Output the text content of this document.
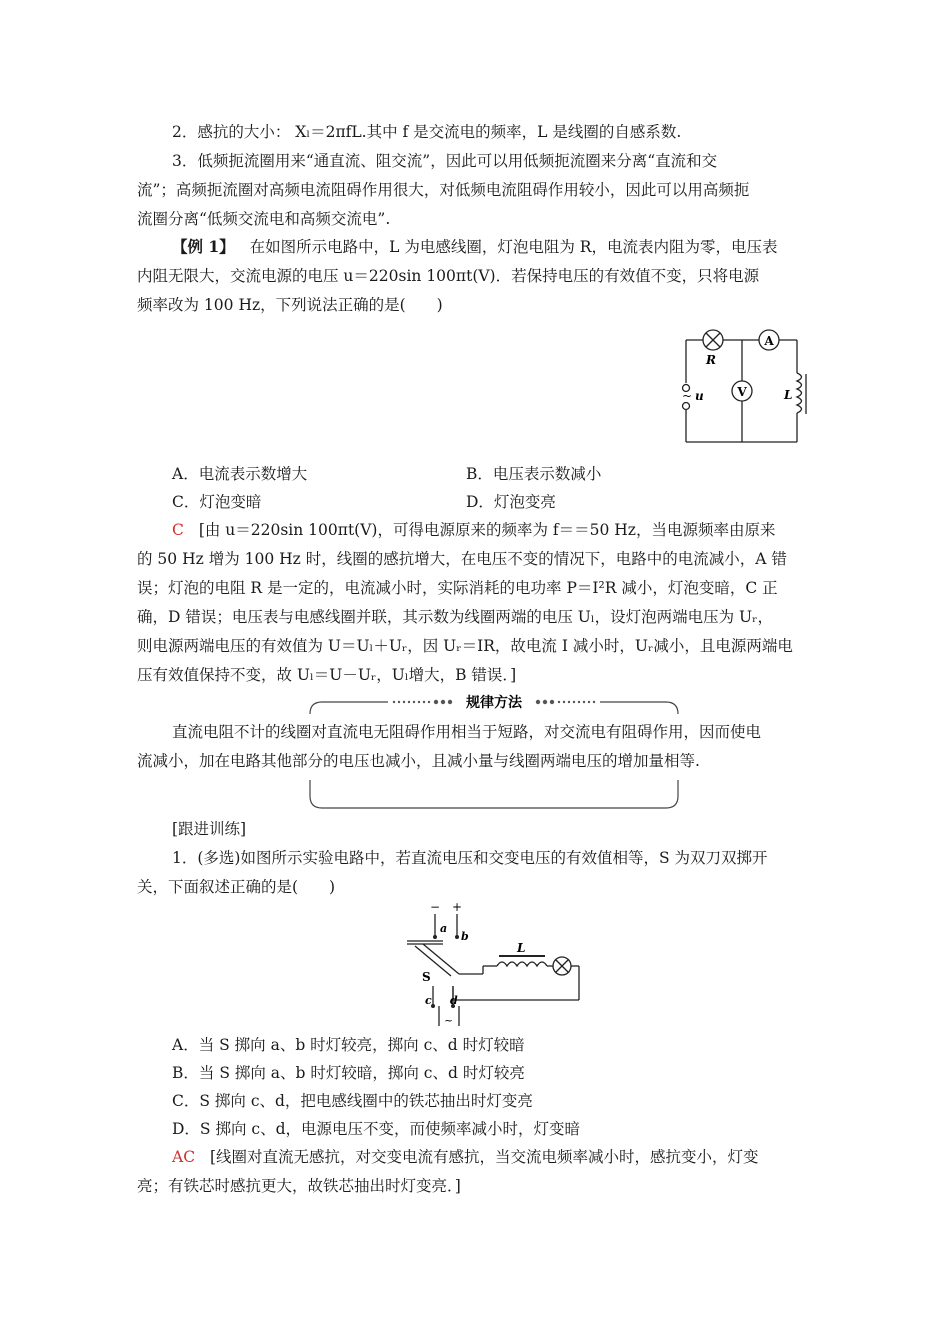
2．感抗的大小： Xₗ＝2πfL.其中 f 是交流电的频率，L 是线圈的自感系数.
3．低频扼流圈用来“通直流、阻交流”，因此可以用低频扼流圈来分离“直流和交
流”；高频扼流圈对高频电流阻碍作用很大，对低频电流阻碍作用较小，因此可以用高频扼
流圈分离“低频交流电和高频交流电”.
【例 1】 在如图所示电路中，L 为电感线圈，灯泡电阻为 R，电流表内阻为零，电压表
内阻无限大，交流电源的电压 u＝220sin 100πt(V)．若保持电压的有效值不变，只将电源
频率改为 100 Hz，下列说法正确的是(　　)
A
V
R
L
~ u
A．电流表示数增大	B．电压表示数减小
C．灯泡变暗	D．灯泡变亮
C [由 u＝220sin 100πt(V)，可得电源原来的频率为 f＝＝50 Hz，当电源频率由原来
的 50 Hz 增为 100 Hz 时，线圈的感抗增大，在电压不变的情况下，电路中的电流减小，A 错
误；灯泡的电阻 R 是一定的，电流减小时，实际消耗的电功率 P＝I²R 减小，灯泡变暗，C 正
确，D 错误；电压表与电感线圈并联，其示数为线圈两端的电压 Uₗ，设灯泡两端电压为 Uᵣ，
则电源两端电压的有效值为 U＝Uₗ＋Uᵣ，因 Uᵣ＝IR，故电流 I 减小时，Uᵣ减小，且电源两端电
压有效值保持不变，故 Uₗ＝U－Uᵣ，Uₗ增大，B 错误．]
规律方法
直流电阻不计的线圈对直流电无阻碍作用相当于短路，对交流电有阻碍作用，因而使电
流减小，加在电路其他部分的电压也减小，且减小量与线圈两端电压的增加量相等.
[跟进训练]
1．(多选)如图所示实验电路中，若直流电压和交变电压的有效值相等，S 为双刀双掷开
关，下面叙述正确的是(　　)
− +
a
b
S
L
c d
~
A．当 S 掷向 a、b 时灯较亮，掷向 c、d 时灯较暗
B．当 S 掷向 a、b 时灯较暗，掷向 c、d 时灯较亮
C．S 掷向 c、d，把电感线圈中的铁芯抽出时灯变亮
D．S 掷向 c、d，电源电压不变，而使频率减小时，灯变暗
AC [线圈对直流无感抗，对交变电流有感抗，当交流电频率减小时，感抗变小，灯变
亮；有铁芯时感抗更大，故铁芯抽出时灯变亮．]
